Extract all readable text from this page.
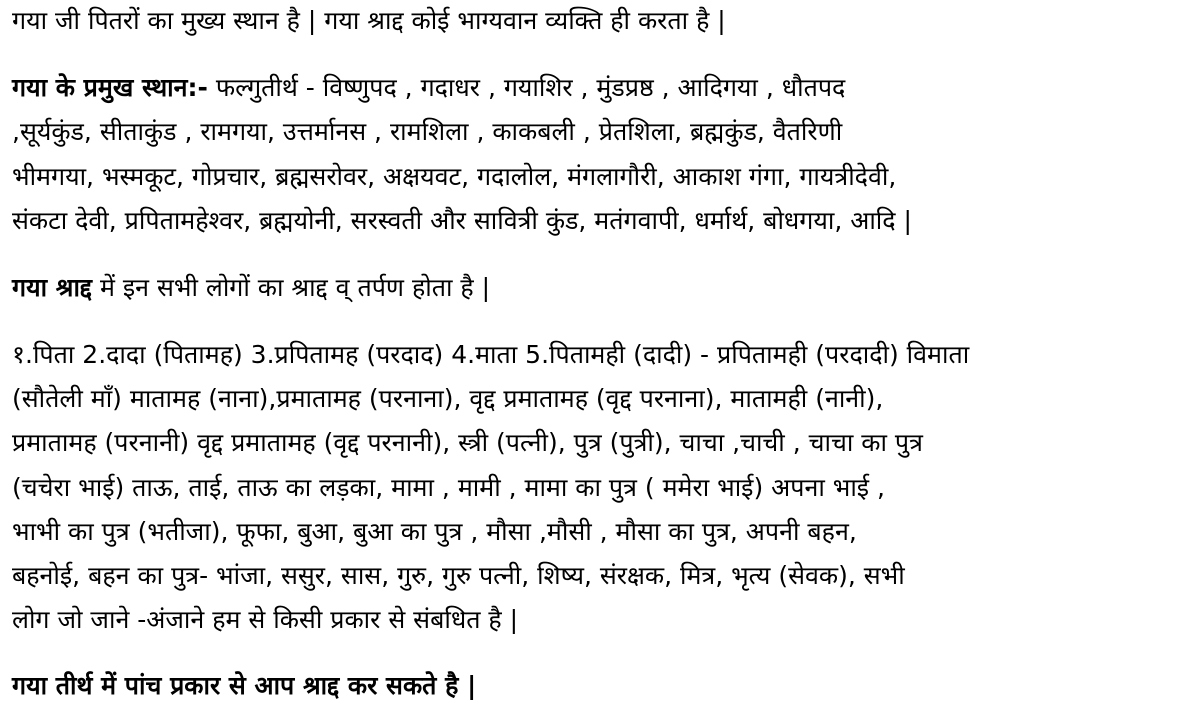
गया जी पितरों का मुख्य स्थान है | गया श्राद्द कोई भाग्यवान व्यक्ति ही करता है |
गया के प्रमुख स्थान:- फल्गुतीर्थ - विष्णुपद , गदाधर , गयाशिर , मुंडप्रष्ठ , आदिगया , धौतपद
,सूर्यकुंड, सीताकुंड , रामगया, उत्तर्मानस , रामशिला , काकबली , प्रेतशिला, ब्रह्मकुंड, वैतरिणी
भीमगया, भस्मकूट, गोप्रचार, ब्रह्मसरोवर, अक्षयवट, गदालोल, मंगलागौरी, आकाश गंगा, गायत्रीदेवी,
संकटा देवी, प्रपितामहेश्वर, ब्रह्मयोनी, सरस्वती और सावित्री कुंड, मतंगवापी, धर्मार्थ, बोधगया, आदि |
गया श्राद्द में इन सभी लोगों का श्राद्द व् तर्पण होता है |
१.पिता 2.दादा (पितामह) 3.प्रपितामह (परदाद) 4.माता 5.पितामही (दादी) - प्रपितामही (परदादी) विमाता
(सौतेली माँ) मातामह (नाना),प्रमातामह (परनाना), वृद्द प्रमातामह (वृद्द परनाना), मातामही (नानी),
प्रमातामह (परनानी) वृद्द प्रमातामह (वृद्द परनानी), स्त्री (पत्नी), पुत्र (पुत्री), चाचा ,चाची , चाचा का पुत्र
(चचेरा भाई) ताऊ, ताई, ताऊ का लड़का, मामा , मामी , मामा का पुत्र ( ममेरा भाई) अपना भाई ,
भाभी का पुत्र (भतीजा), फूफा, बुआ, बुआ का पुत्र , मौसा ,मौसी , मौसा का पुत्र, अपनी बहन,
बहनोई, बहन का पुत्र- भांजा, ससुर, सास, गुरु, गुरु पत्नी, शिष्य, संरक्षक, मित्र, भृत्य (सेवक), सभी
लोग जो जाने -अंजाने हम से किसी प्रकार से संबधित है |
गया तीर्थ में पांच प्रकार से आप श्राद्द कर सकते है |
